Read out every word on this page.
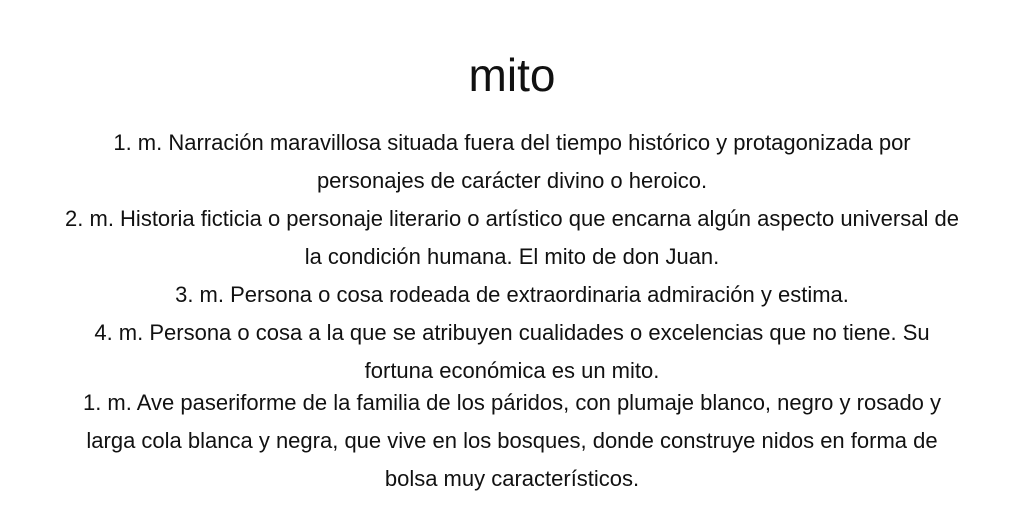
mito

1. m. Narración maravillosa situada fuera del tiempo histórico y protagonizada por personajes de carácter divino o heroico.

2. m. Historia ficticia o personaje literario o artístico que encarna algún aspecto universal de la condición humana. El mito de don Juan.

3. m. Persona o cosa rodeada de extraordinaria admiración y estima.

4. m. Persona o cosa a la que se atribuyen cualidades o excelencias que no tiene. Su fortuna económica es un mito.

1. m. Ave paseriforme de la familia de los páridos, con plumaje blanco, negro y rosado y larga cola blanca y negra, que vive en los bosques, donde construye nidos en forma de bolsa muy característicos.
